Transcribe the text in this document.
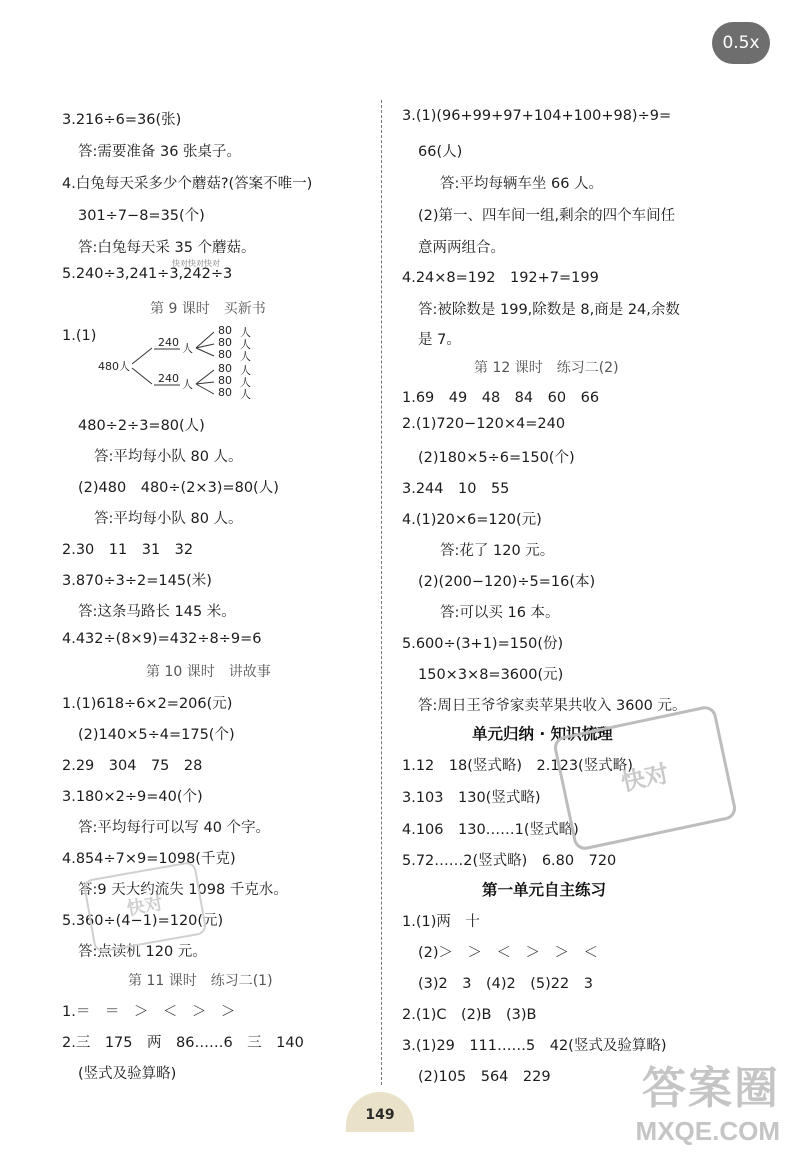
0.5x
3.216÷6=36(张)
答:需要准备 36 张桌子。
4.白兔每天采多少个蘑菇?(答案不唯一)
301÷7−8=35(个)
答:白兔每天采 35 个蘑菇。
快对快对快对
5.240÷3,241÷3,242÷3
第 9 课时　买新书
1.(1)
480人
240 人
80 人
80 人
80 人
240 人
80 人
80 人
80 人
480÷2÷3=80(人)
答:平均每小队 80 人。
(2)480　480÷(2×3)=80(人)
答:平均每小队 80 人。
2.30　11　31　32
3.870÷3÷2=145(米)
答:这条马路长 145 米。
4.432÷(8×9)=432÷8÷9=6
第 10 课时　讲故事
1.(1)618÷6×2=206(元)
(2)140×5÷4=175(个)
2.29　304　75　28
3.180×2÷9=40(个)
答:平均每行可以写 40 个字。
4.854÷7×9=1098(千克)
答:9 天大约流失 1098 千克水。
5.360÷(4−1)=120(元)
答:点读机 120 元。
第 11 课时　练习二(1)
1.＝　＝　＞　＜　＞　＞
2.三　175　两　86……6　三　140
(竖式及验算略)
3.(1)(96+99+97+104+100+98)÷9=
66(人)
答:平均每辆车坐 66 人。
(2)第一、四车间一组,剩余的四个车间任
意两两组合。
4.24×8=192　192+7=199
答:被除数是 199,除数是 8,商是 24,余数
是 7。
第 12 课时　练习二(2)
1.69　49　48　84　60　66
2.(1)720−120×4=240
(2)180×5÷6=150(个)
3.244　10　55
4.(1)20×6=120(元)
答:花了 120 元。
(2)(200−120)÷5=16(本)
答:可以买 16 本。
5.600÷(3+1)=150(份)
150×3×8=3600(元)
答:周日王爷爷家卖苹果共收入 3600 元。
单元归纳 · 知识梳理
1.12　18(竖式略)　2.123(竖式略)
3.103　130(竖式略)
4.106　130……1(竖式略)
5.72……2(竖式略)　6.80　720
第一单元自主练习
1.(1)两　十
(2)＞　＞　＜　＞　＞　＜
(3)2　3　(4)2　(5)22　3
2.(1)C　(2)B　(3)B
3.(1)29　111……5　42(竖式及验算略)
(2)105　564　229
快对
快对
149
答案圈
MXQE.COM
